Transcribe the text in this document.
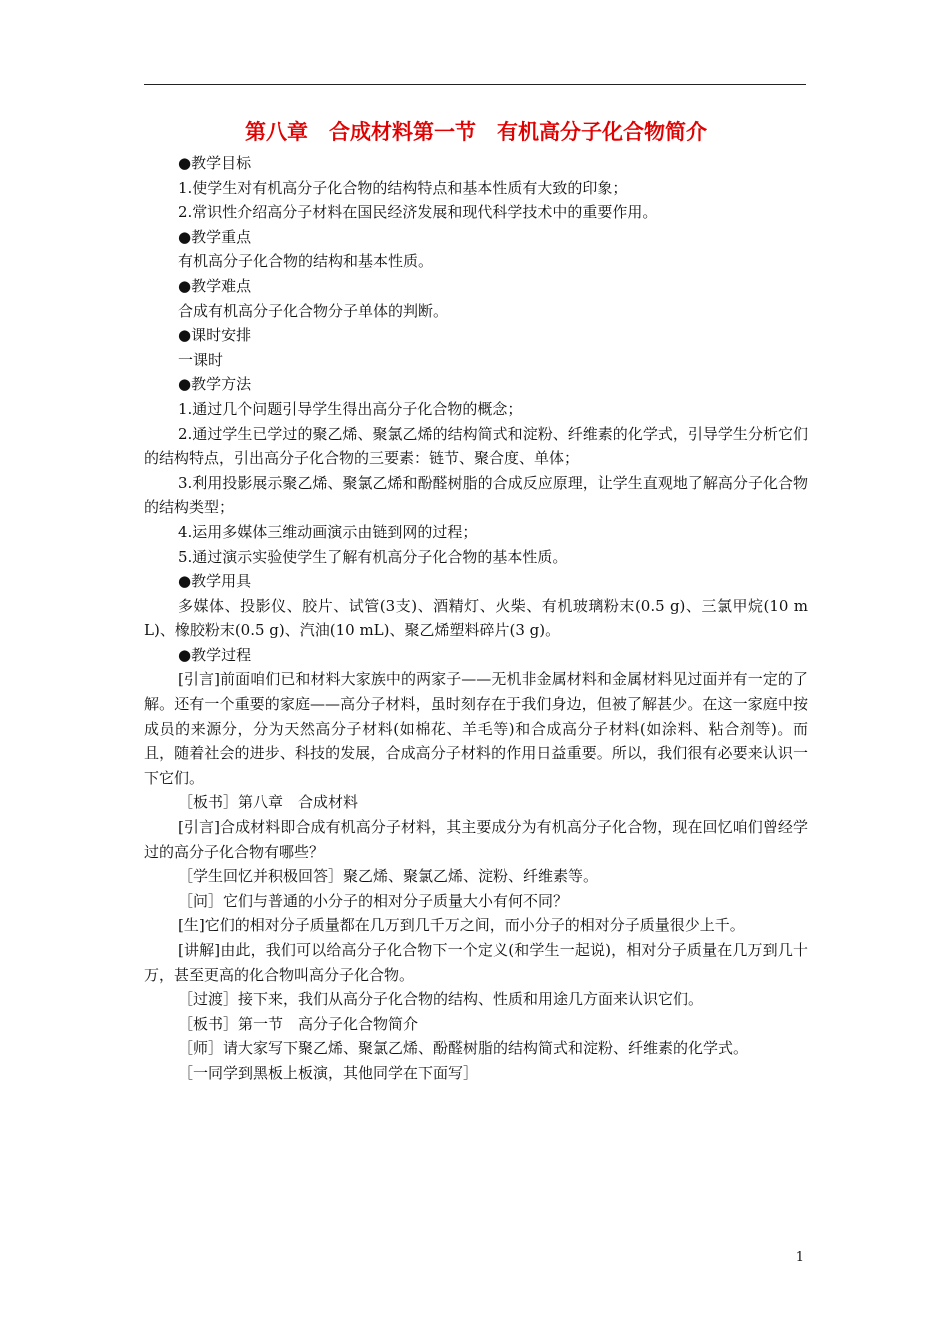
第八章　合成材料第一节　有机高分子化合物简介

● 教学目标

1.使学生对有机高分子化合物的结构特点和基本性质有大致的印象；

2.常识性介绍高分子材料在国民经济发展和现代科学技术中的重要作用。

● 教学重点

有机高分子化合物的结构和基本性质。

● 教学难点

合成有机高分子化合物分子单体的判断。

● 课时安排

一课时

● 教学方法

1.通过几个问题引导学生得出高分子化合物的概念；

2.通过学生已学过的聚乙烯、聚氯乙烯的结构简式和淀粉、纤维素的化学式，引导学生分析它们的结构特点，引出高分子化合物的三要素：链节、聚合度、单体；

3.利用投影展示聚乙烯、聚氯乙烯和酚醛树脂的合成反应原理，让学生直观地了解高分子化合物的结构类型；

4.运用多媒体三维动画演示由链到网的过程；

5.通过演示实验使学生了解有机高分子化合物的基本性质。

● 教学用具

多媒体、投影仪、胶片、试管(3支)、酒精灯、火柴、有机玻璃粉末(0.5 g)、三氯甲烷(10 mL)、橡胶粉末(0.5 g)、汽油(10 mL)、聚乙烯塑料碎片(3 g)。

● 教学过程

[引言]前面咱们已和材料大家族中的两家子——无机非金属材料和金属材料见过面并有一定的了解。还有一个重要的家庭——高分子材料，虽时刻存在于我们身边，但被了解甚少。在这一家庭中按成员的来源分，分为天然高分子材料(如棉花、羊毛等)和合成高分子材料(如涂料、粘合剂等)。而且，随着社会的进步、科技的发展，合成高分子材料的作用日益重要。所以，我们很有必要来认识一下它们。

［板书］第八章　合成材料

[引言]合成材料即合成有机高分子材料，其主要成分为有机高分子化合物，现在回忆咱们曾经学过的高分子化合物有哪些？

［学生回忆并积极回答］聚乙烯、聚氯乙烯、淀粉、纤维素等。

［问］它们与普通的小分子的相对分子质量大小有何不同？

[生]它们的相对分子质量都在几万到几千万之间，而小分子的相对分子质量很少上千。

[讲解]由此，我们可以给高分子化合物下一个定义(和学生一起说)，相对分子质量在几万到几十万，甚至更高的化合物叫高分子化合物。

［过渡］接下来，我们从高分子化合物的结构、性质和用途几方面来认识它们。

［板书］第一节　高分子化合物简介

［师］请大家写下聚乙烯、聚氯乙烯、酚醛树脂的结构简式和淀粉、纤维素的化学式。

［一同学到黑板上板演，其他同学在下面写］

1
